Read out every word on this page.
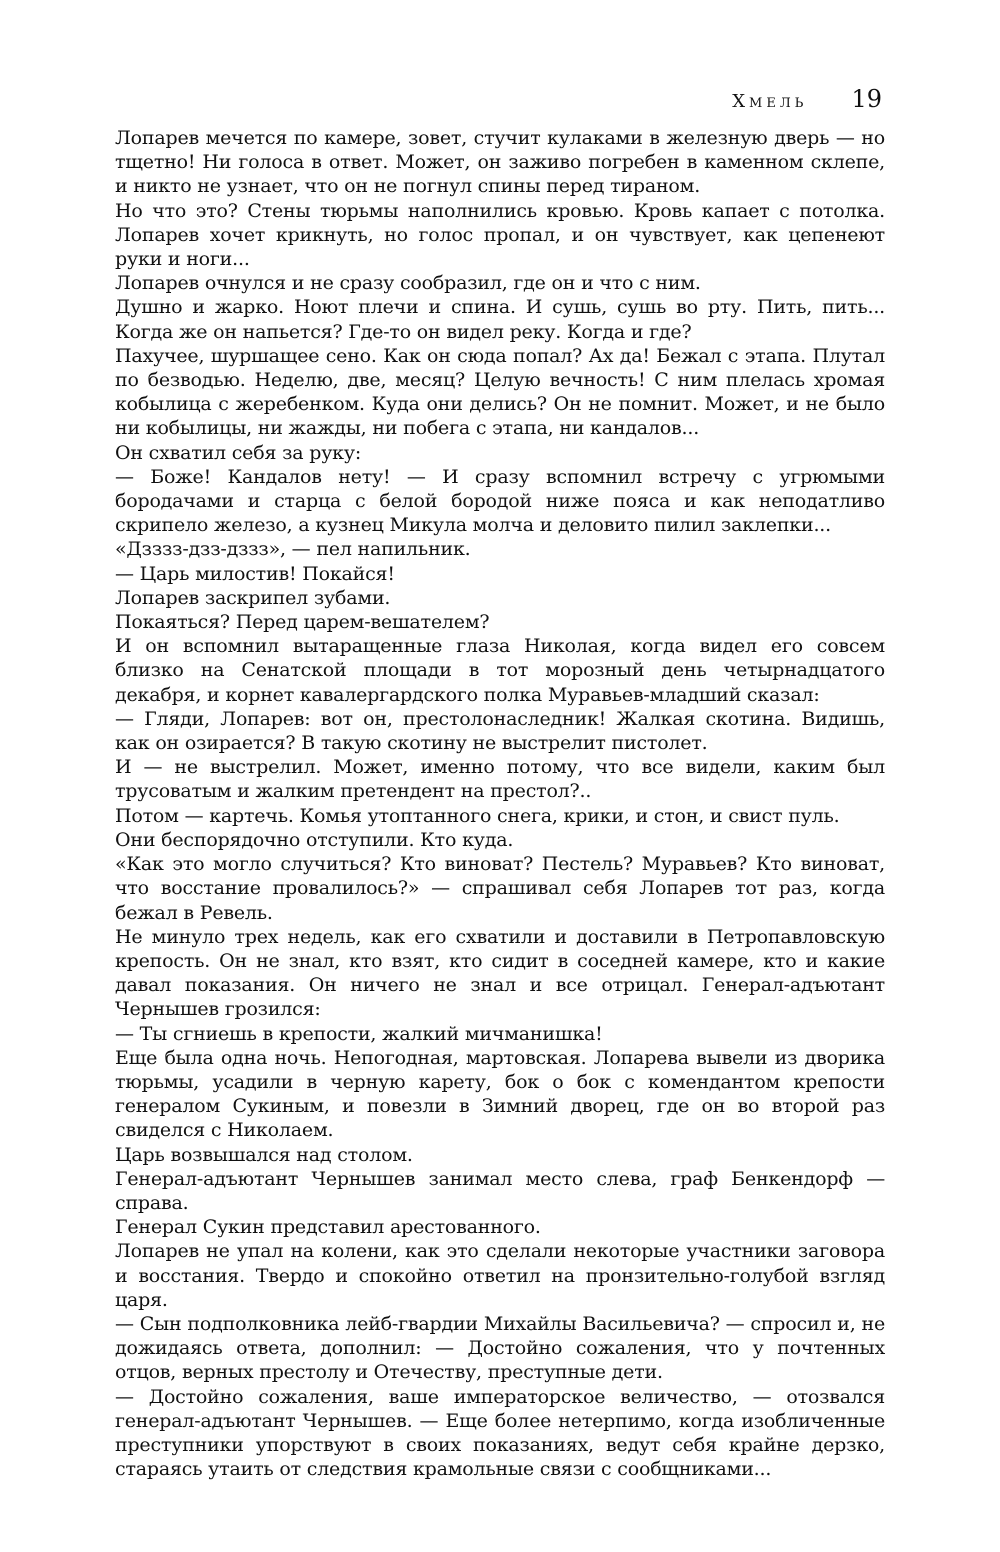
Хмель 19

Лопарев мечется по камере, зовет, стучит кулаками в железную дверь — но тщетно! Ни голоса в ответ. Может, он заживо погребен в каменном склепе, и никто не узнает, что он не погнул спины перед тираном.

Но что это? Стены тюрьмы наполнились кровью. Кровь капает с потолка. Лопарев хочет крикнуть, но голос пропал, и он чувствует, как цепенеют руки и ноги...

Лопарев очнулся и не сразу сообразил, где он и что с ним.

Душно и жарко. Ноют плечи и спина. И сушь, сушь во рту. Пить, пить... Когда же он напьется? Где-то он видел реку. Когда и где?

Пахучее, шуршащее сено. Как он сюда попал? Ах да! Бежал с этапа. Плутал по безводью. Неделю, две, месяц? Целую вечность! С ним плелась хромая кобылица с жеребенком. Куда они делись? Он не помнит. Может, и не было ни кобылицы, ни жажды, ни побега с этапа, ни кандалов...

Он схватил себя за руку:

— Боже! Кандалов нету! — И сразу вспомнил встречу с угрюмыми бородачами и старца с белой бородой ниже пояса и как неподатливо скрипело железо, а кузнец Микула молча и деловито пилил заклепки...

«Дзззз-дзз-дззз», — пел напильник.

— Царь милостив! Покайся!

Лопарев заскрипел зубами.

Покаяться? Перед царем-вешателем?

И он вспомнил вытаращенные глаза Николая, когда видел его совсем близко на Сенатской площади в тот морозный день четырнадцатого декабря, и корнет кавалергардского полка Муравьев-младший сказал:

— Гляди, Лопарев: вот он, престолонаследник! Жалкая скотина. Видишь, как он озирается? В такую скотину не выстрелит пистолет.

И — не выстрелил. Может, именно потому, что все видели, каким был трусоватым и жалким претендент на престол?..

Потом — картечь. Комья утоптанного снега, крики, и стон, и свист пуль.

Они беспорядочно отступили. Кто куда.

«Как это могло случиться? Кто виноват? Пестель? Муравьев? Кто виноват, что восстание провалилось?» — спрашивал себя Лопарев тот раз, когда бежал в Ревель.

Не минуло трех недель, как его схватили и доставили в Петропавловскую крепость. Он не знал, кто взят, кто сидит в соседней камере, кто и какие давал показания. Он ничего не знал и все отрицал. Генерал-адъютант Чернышев грозился:

— Ты сгниешь в крепости, жалкий мичманишка!

Еще была одна ночь. Непогодная, мартовская. Лопарева вывели из дворика тюрьмы, усадили в черную карету, бок о бок с комендантом крепости генералом Сукиным, и повезли в Зимний дворец, где он во второй раз свиделся с Николаем.

Царь возвышался над столом.

Генерал-адъютант Чернышев занимал место слева, граф Бенкендорф — справа.

Генерал Сукин представил арестованного.

Лопарев не упал на колени, как это сделали некоторые участники заговора и восстания. Твердо и спокойно ответил на пронзительно-голубой взгляд царя.

— Сын подполковника лейб-гвардии Михайлы Васильевича? — спросил и, не дожидаясь ответа, дополнил: — Достойно сожаления, что у почтенных отцов, верных престолу и Отечеству, преступные дети.

— Достойно сожаления, ваше императорское величество, — отозвался генерал-адъютант Чернышев. — Еще более нетерпимо, когда изобличенные преступники упорствуют в своих показаниях, ведут себя крайне дерзко, стараясь утаить от следствия крамольные связи с сообщниками...
